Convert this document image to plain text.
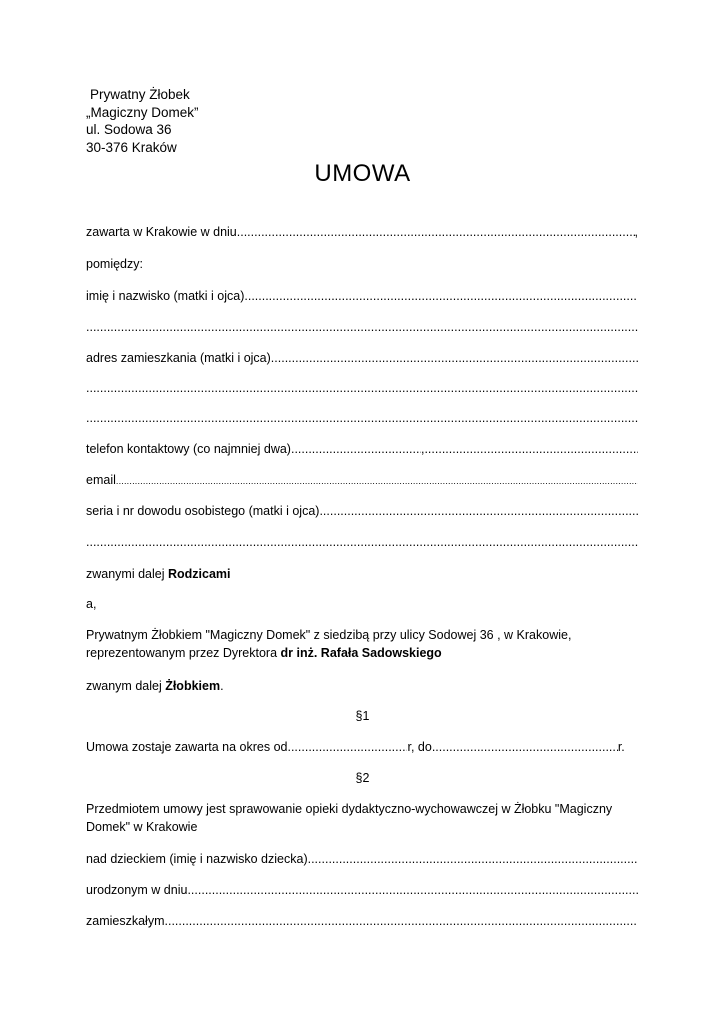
Prywatny Żłobek
„Magiczny Domek”
ul. Sodowa 36
30-376 Kraków
UMOWA
zawarta w Krakowie w dniu .....	,
pomiędzy:
imię i nazwisko (matki i ojca)
.....
.....
adres zamieszkania (matki i ojca)
.....
.....
.....
telefon kontaktowy (co najmniej dwa) .....	,
.....
email
.....
seria i nr dowodu osobistego (matki i ojca)
.....
.....
zwanymi dalej Rodzicami
a,
Prywatnym Żłobkiem "Magiczny Domek" z siedzibą przy ulicy Sodowej 36 , w Krakowie,
reprezentowanym przez Dyrektora dr inż. Rafała Sadowskiego
zwanym dalej Żłobkiem.
§1
Umowa zostaje zawarta na okres od .....	r, do .....	r.
§2
Przedmiotem umowy jest sprawowanie opieki dydaktyczno-wychowawczej w Żłobku "Magiczny
Domek" w Krakowie
nad dzieckiem (imię i nazwisko dziecka)
.....
urodzonym w dniu
.....
zamieszkałym
.....
